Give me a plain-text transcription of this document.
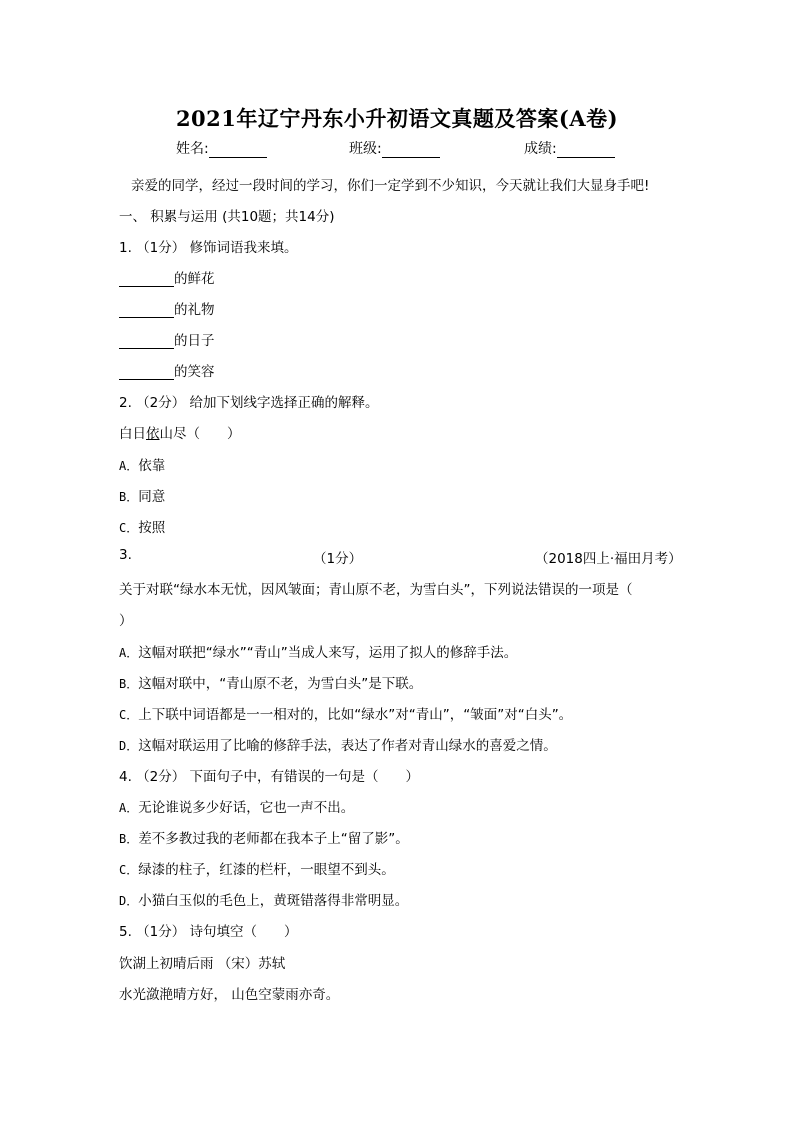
2021年辽宁丹东小升初语文真题及答案(A卷)
姓名:	班级:	成绩:
亲爱的同学，经过一段时间的学习，你们一定学到不少知识，今天就让我们大显身手吧!
一、 积累与运用 (共10题；共14分)
1. （1分） 修饰词语我来填。
的鲜花
的礼物
的日子
的笑容
2. （2分） 给加下划线字选择正确的解释。
白日依山尽（　　）
A．依靠
B．同意
C．按照
3.	（1分）	（2018四上·福田月考）
关于对联“绿水本无忧，因风皱面；青山原不老，为雪白头”，下列说法错误的一项是（
）
A．这幅对联把“绿水”“青山”当成人来写，运用了拟人的修辞手法。
B．这幅对联中，“青山原不老，为雪白头”是下联。
C．上下联中词语都是一一相对的，比如“绿水”对“青山”，“皱面”对“白头”。
D．这幅对联运用了比喻的修辞手法，表达了作者对青山绿水的喜爱之情。
4. （2分） 下面句子中，有错误的一句是（　　）
A．无论谁说多少好话，它也一声不出。
B．差不多教过我的老师都在我本子上“留了影”。
C．绿漆的柱子，红漆的栏杆，一眼望不到头。
D．小猫白玉似的毛色上，黄斑错落得非常明显。
5. （1分） 诗句填空（　　）
饮湖上初晴后雨 （宋）苏轼
水光潋滟晴方好， 山色空蒙雨亦奇。
